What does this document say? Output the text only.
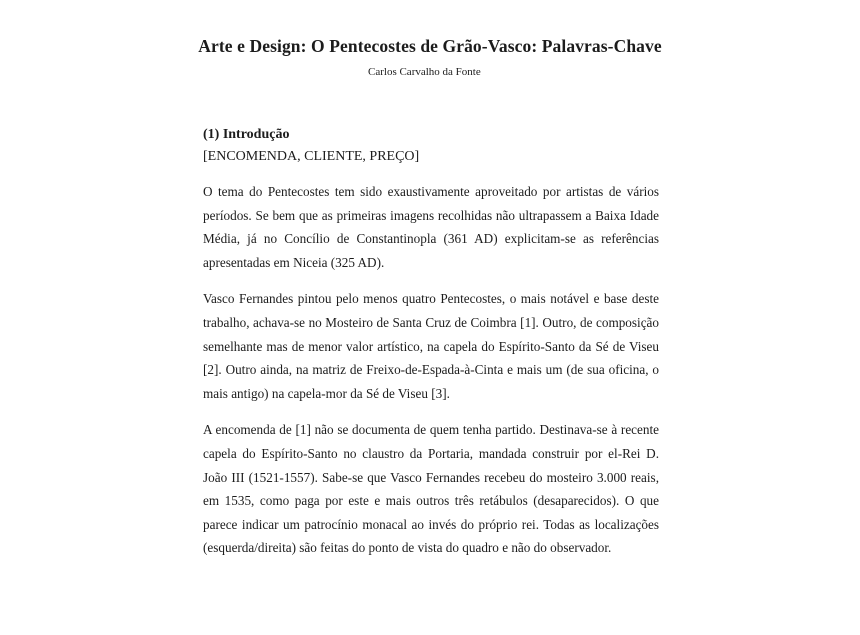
Arte e Design: O Pentecostes de Grão-Vasco: Palavras-Chave

Carlos Carvalho da Fonte

(1) Introdução

[ENCOMENDA, CLIENTE, PREÇO]

O tema do Pentecostes tem sido exaustivamente aproveitado por artistas de vários períodos. Se bem que as primeiras imagens recolhidas não ultrapassem a Baixa Idade Média, já no Concílio de Constantinopla (361 AD) explicitam-se as referências apresentadas em Niceia (325 AD).

Vasco Fernandes pintou pelo menos quatro Pentecostes, o mais notável e base deste trabalho, achava-se no Mosteiro de Santa Cruz de Coimbra [1]. Outro, de composição semelhante mas de menor valor artístico, na capela do Espírito-Santo da Sé de Viseu [2]. Outro ainda, na matriz de Freixo-de-Espada-à-Cinta e mais um (de sua oficina, o mais antigo) na capela-mor da Sé de Viseu [3].

A encomenda de [1] não se documenta de quem tenha partido. Destinava-se à recente capela do Espírito-Santo no claustro da Portaria, mandada construir por el-Rei D. João III (1521-1557). Sabe-se que Vasco Fernandes recebeu do mosteiro 3.000 reais, em 1535, como paga por este e mais outros três retábulos (desaparecidos). O que parece indicar um patrocínio monacal ao invés do próprio rei. Todas as localizações (esquerda/direita) são feitas do ponto de vista do quadro e não do observador.
